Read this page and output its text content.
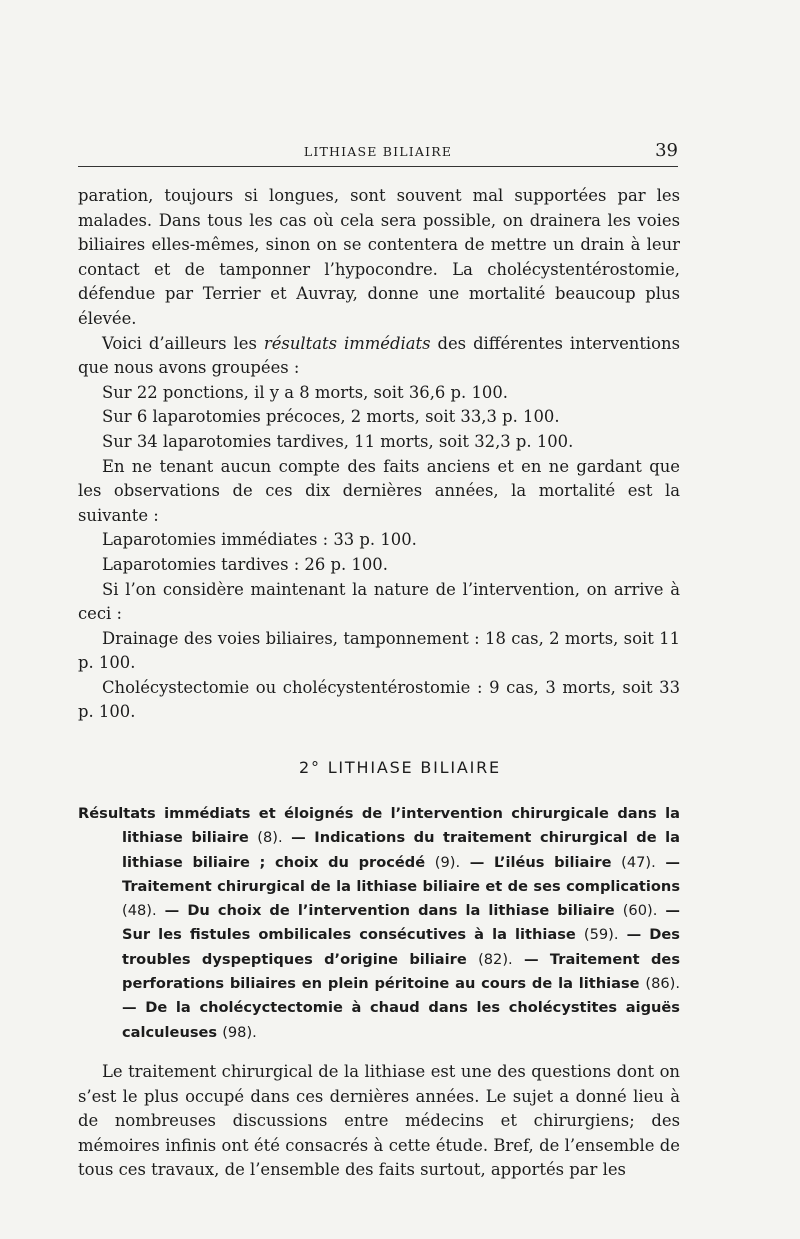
LITHIASE BILIAIRE	39

paration, toujours si longues, sont souvent mal supportées par les malades. Dans tous les cas où cela sera possible, on drainera les voies biliaires elles-mêmes, sinon on se contentera de mettre un drain à leur contact et de tamponner l’hypocondre. La cholécystentérostomie, défendue par Terrier et Auvray, donne une mortalité beaucoup plus élevée.

Voici d’ailleurs les résultats immédiats des différentes interventions que nous avons groupées :

Sur 22 ponctions, il y a 8 morts, soit 36,6 p. 100.

Sur 6 laparotomies précoces, 2 morts, soit 33,3 p. 100.

Sur 34 laparotomies tardives, 11 morts, soit 32,3 p. 100.

En ne tenant aucun compte des faits anciens et en ne gardant que les observations de ces dix dernières années, la mortalité est la suivante :

Laparotomies immédiates : 33 p. 100.

Laparotomies tardives : 26 p. 100.

Si l’on considère maintenant la nature de l’intervention, on arrive à ceci :

Drainage des voies biliaires, tamponnement : 18 cas, 2 morts, soit 11 p. 100.

Cholécystectomie ou cholécystentérostomie : 9 cas, 3 morts, soit 33 p. 100.

2° LITHIASE BILIAIRE

Résultats immédiats et éloignés de l’intervention chirurgicale dans la lithiase biliaire (8). — Indications du traitement chirurgical de la lithiase biliaire ; choix du procédé (9). — L’iléus biliaire (47). — Traitement chirurgical de la lithiase biliaire et de ses complications (48). — Du choix de l’intervention dans la lithiase biliaire (60). — Sur les fistules ombilicales consécutives à la lithiase (59). — Des troubles dyspeptiques d’origine biliaire (82). — Traitement des perforations biliaires en plein péritoine au cours de la lithiase (86). — De la cholécyctectomie à chaud dans les cholécystites aiguës calculeuses (98).

Le traitement chirurgical de la lithiase est une des questions dont on s’est le plus occupé dans ces dernières années. Le sujet a donné lieu à de nombreuses discussions entre médecins et chirurgiens; des mémoires infinis ont été consacrés à cette étude. Bref, de l’ensemble de tous ces travaux, de l’ensemble des faits surtout, apportés par les
